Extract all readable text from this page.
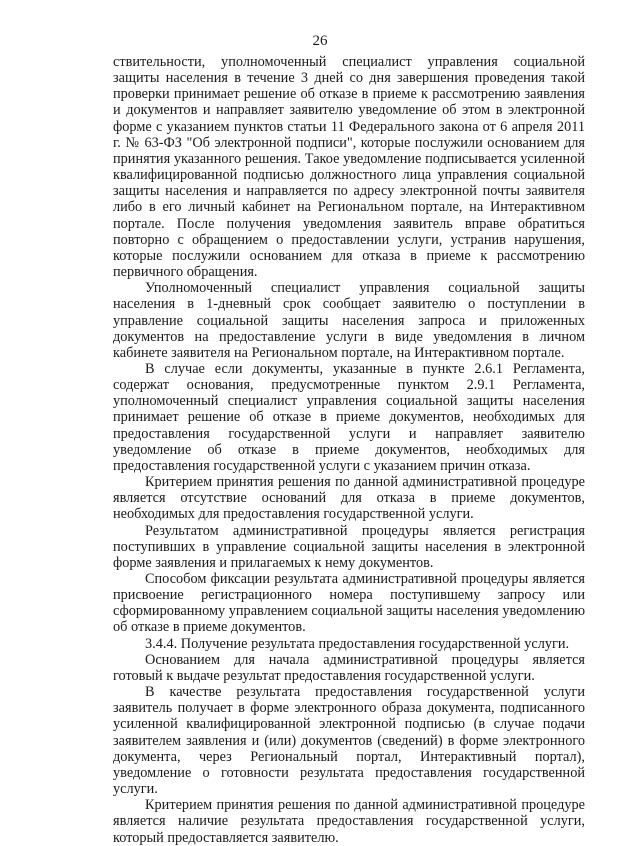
26

ствительности, уполномоченный специалист управления социальной защиты населения в течение 3 дней со дня завершения проведения такой проверки принимает решение об отказе в приеме к рассмотрению заявления и документов и направляет заявителю уведомление об этом в электронной форме с указанием пунктов статьи 11 Федерального закона от 6 апреля 2011 г. № 63-ФЗ "Об электронной подписи", которые послужили основанием для принятия указанного решения. Такое уведомление подписывается усиленной квалифицированной подписью должностного лица управления социальной защиты населения и направляется по адресу электронной почты заявителя либо в его личный кабинет на Региональном портале, на Интерактивном портале. После получения уведомления заявитель вправе обратиться повторно с обращением о предоставлении услуги, устранив нарушения, которые послужили основанием для отказа в приеме к рассмотрению первичного обращения.

Уполномоченный специалист управления социальной защиты населения в 1-дневный срок сообщает заявителю о поступлении в управление социальной защиты населения запроса и приложенных документов на предоставление услуги в виде уведомления в личном кабинете заявителя на Региональном портале, на Интерактивном портале.

В случае если документы, указанные в пункте 2.6.1 Регламента, содержат основания, предусмотренные пунктом 2.9.1 Регламента, уполномоченный специалист управления социальной защиты населения принимает решение об отказе в приеме документов, необходимых для предоставления государственной услуги и направляет заявителю уведомление об отказе в приеме документов, необходимых для предоставления государственной услуги с указанием причин отказа.

Критерием принятия решения по данной административной процедуре является отсутствие оснований для отказа в приеме документов, необходимых для предоставления государственной услуги.

Результатом административной процедуры является регистрация поступивших в управление социальной защиты населения в электронной форме заявления и прилагаемых к нему документов.

Способом фиксации результата административной процедуры является присвоение регистрационного номера поступившему запросу или сформированному управлением социальной защиты населения уведомлению об отказе в приеме документов.

3.4.4. Получение результата предоставления государственной услуги.

Основанием для начала административной процедуры является готовый к выдаче результат предоставления государственной услуги.

В качестве результата предоставления государственной услуги заявитель получает в форме электронного образа документа, подписанного усиленной квалифицированной электронной подписью (в случае подачи заявителем заявления и (или) документов (сведений) в форме электронного документа, через Региональный портал, Интерактивный портал), уведомление о готовности результата предоставления государственной услуги.

Критерием принятия решения по данной административной процедуре является наличие результата предоставления государственной услуги, который предоставляется заявителю.
